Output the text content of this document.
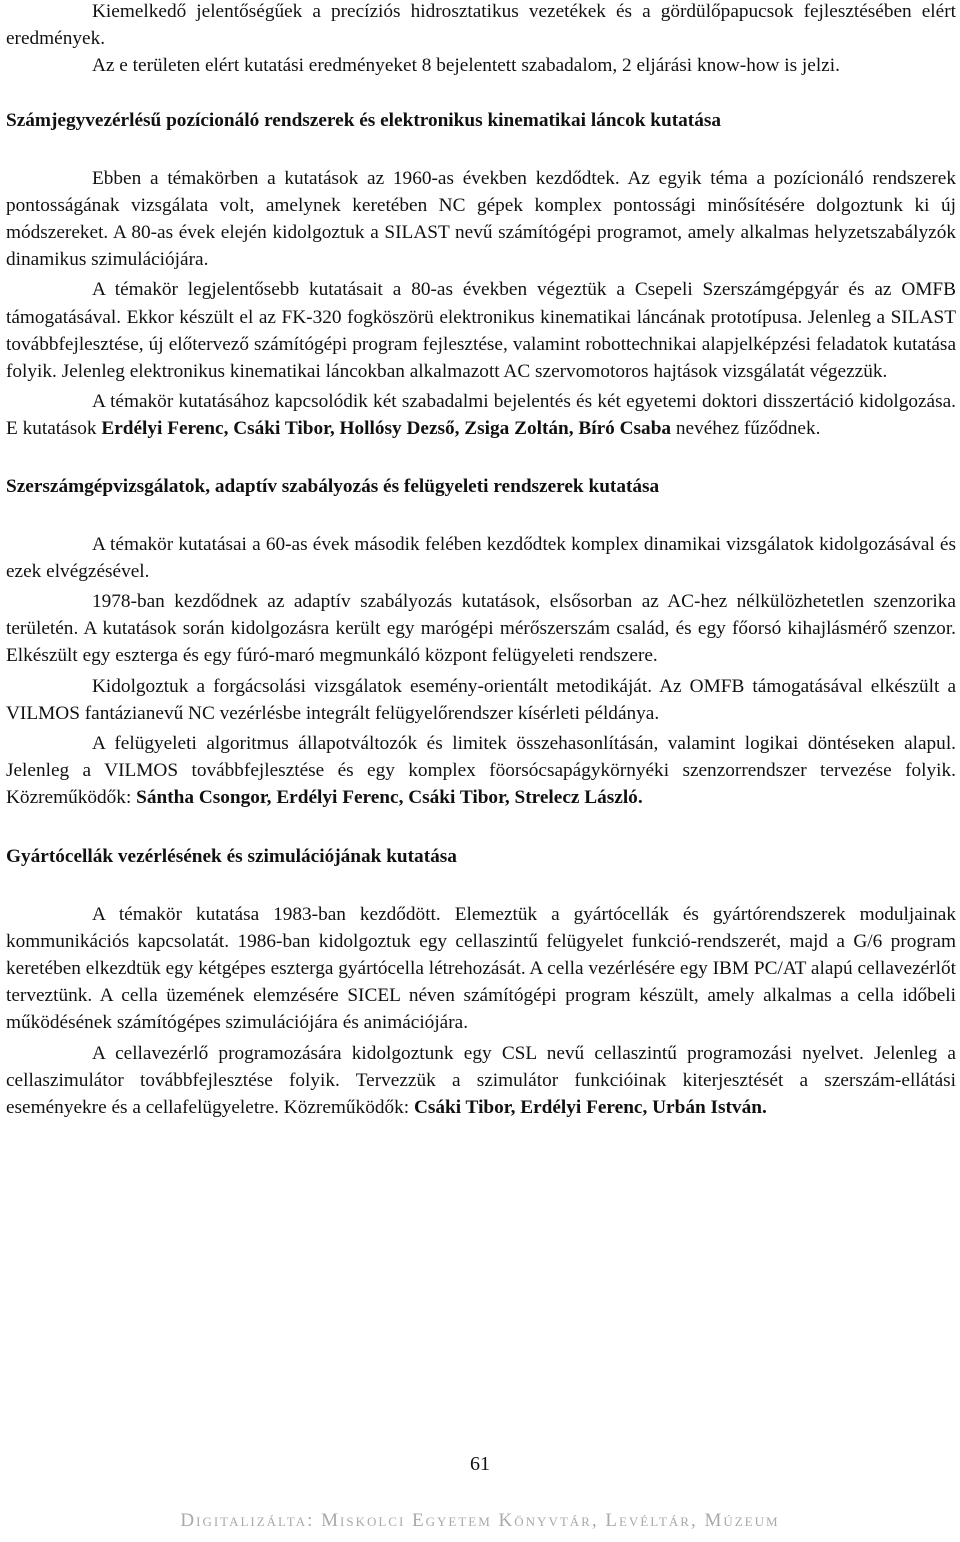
Kiemelkedő jelentőségűek a precíziós hidrosztatikus vezetékek és a gördülőpapucsok fejlesztésében elért eredmények.

Az e területen elért kutatási eredményeket 8 bejelentett szabadalom, 2 eljárási know-how is jelzi.

Számjegyvezérlésű pozícionáló rendszerek és elektronikus kinematikai láncok kutatása

Ebben a témakörben a kutatások az 1960-as években kezdődtek. Az egyik téma a pozícionáló rendszerek pontosságának vizsgálata volt, amelynek keretében NC gépek komplex pontossági minősítésére dolgoztunk ki új módszereket. A 80-as évek elején kidolgoztuk a SILAST nevű számítógépi programot, amely alkalmas helyzetszabályzók dinamikus szimulációjára.

A témakör legjelentősebb kutatásait a 80-as években végeztük a Csepeli Szerszámgépgyár és az OMFB támogatásával. Ekkor készült el az FK-320 fogköszörü elektronikus kinematikai láncának prototípusa. Jelenleg a SILAST továbbfejlesztése, új előtervező számítógépi program fejlesztése, valamint robottechnikai alapjelképzési feladatok kutatása folyik. Jelenleg elektronikus kinematikai láncokban alkalmazott AC szervomotoros hajtások vizsgálatát végezzük.

A témakör kutatásához kapcsolódik két szabadalmi bejelentés és két egyetemi doktori disszertáció kidolgozása. E kutatások Erdélyi Ferenc, Csáki Tibor, Hollósy Dezső, Zsiga Zoltán, Bíró Csaba nevéhez fűződnek.

Szerszámgépvizsgálatok, adaptív szabályozás és felügyeleti rendszerek kutatása

A témakör kutatásai a 60-as évek második felében kezdődtek komplex dinamikai vizsgálatok kidolgozásával és ezek elvégzésével.

1978-ban kezdődnek az adaptív szabályozás kutatások, elsősorban az AC-hez nélkülözhetetlen szenzorika területén. A kutatások során kidolgozásra került egy marógépi mérőszerszám család, és egy főorsó kihajlásmérő szenzor. Elkészült egy eszterga és egy fúró-maró megmunkáló központ felügyeleti rendszere.

Kidolgoztuk a forgácsolási vizsgálatok esemény-orientált metodikáját. Az OMFB támogatásával elkészült a VILMOS fantázianevű NC vezérlésbe integrált felügyelőrendszer kísérleti példánya.

A felügyeleti algoritmus állapotváltozók és limitek összehasonlításán, valamint logikai döntéseken alapul. Jelenleg a VILMOS továbbfejlesztése és egy komplex föorsócsapágykörnyéki szenzorrendszer tervezése folyik. Közreműködők: Sántha Csongor, Erdélyi Ferenc, Csáki Tibor, Strelecz László.

Gyártócellák vezérlésének és szimulációjának kutatása

A témakör kutatása 1983-ban kezdődött. Elemeztük a gyártócellák és gyártórendszerek moduljainak kommunikációs kapcsolatát. 1986-ban kidolgoztuk egy cellaszintű felügyelet funkció-rendszerét, majd a G/6 program keretében elkezdtük egy kétgépes eszterga gyártócella létrehozását. A cella vezérlésére egy IBM PC/AT alapú cellavezérlőt terveztünk. A cella üzemének elemzésére SICEL néven számítógépi program készült, amely alkalmas a cella időbeli működésének számítógépes szimulációjára és animációjára.

A cellavezérlő programozására kidolgoztunk egy CSL nevű cellaszintű programozási nyelvet. Jelenleg a cellaszimulátor továbbfejlesztése folyik. Tervezzük a szimulátor funkcióinak kiterjesztését a szerszám-ellátási eseményekre és a cellafelügyeletre. Közreműködők: Csáki Tibor, Erdélyi Ferenc, Urbán István.

61
Digitalizálta: Miskolci Egyetem Könyvtár, Levéltár, Múzeum
